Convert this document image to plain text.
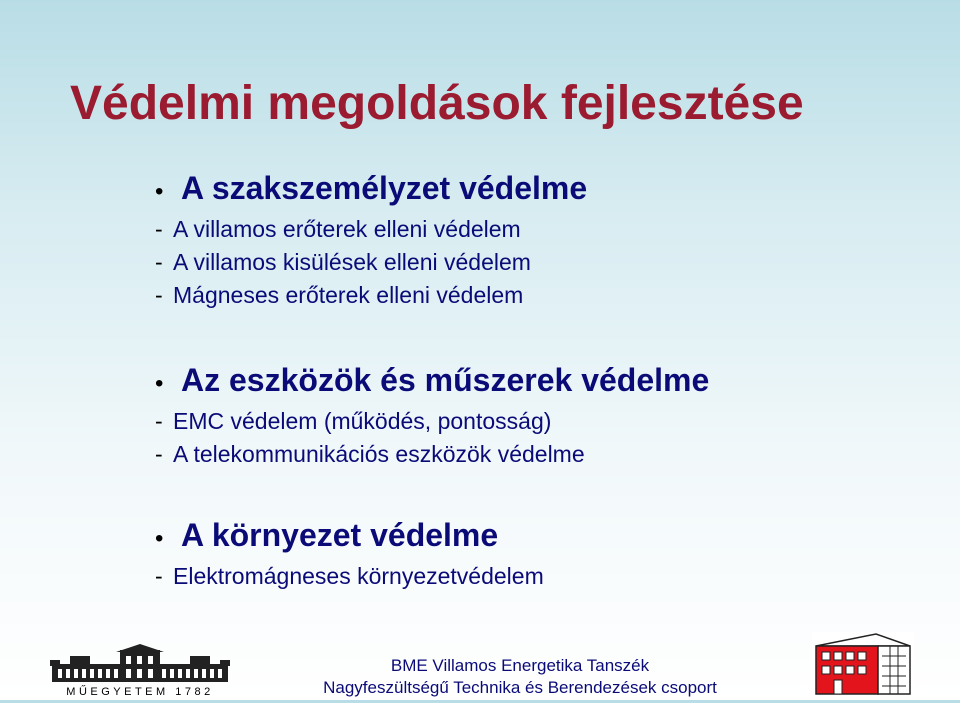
Védelmi megoldások fejlesztése
• A szakszemélyzet védelme
- A villamos erőterek elleni védelem
- A villamos kisülések elleni védelem
- Mágneses erőterek elleni védelem
• Az eszközök és műszerek védelme
- EMC védelem (működés, pontosság)
- A telekommunikációs eszközök védelme
• A környezet védelme
- Elektromágneses környezetvédelem
MŰEGYETEM 1782
BME Villamos Energetika Tanszék
Nagyfeszültségű Technika és Berendezések csoport
